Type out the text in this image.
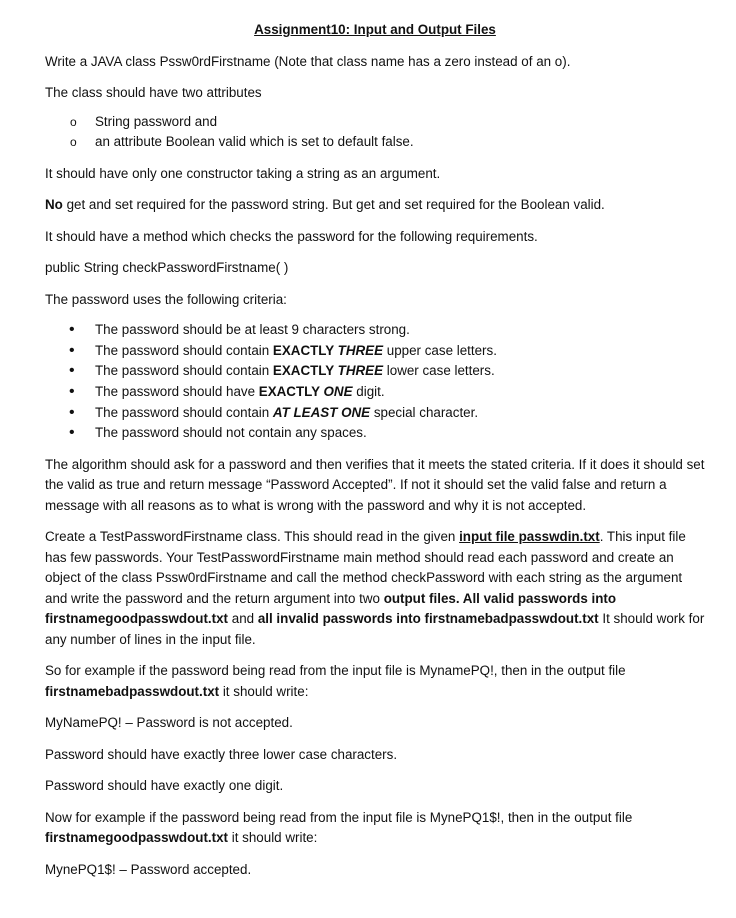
Assignment10: Input and Output Files

Write a JAVA class Pssw0rdFirstname (Note that class name has a zero instead of an o).

The class should have two attributes

o String password and
o an attribute Boolean valid which is set to default false.

It should have only one constructor taking a string as an argument.

No get and set required for the password string. But get and set required for the Boolean valid.

It should have a method which checks the password for the following requirements.

public String checkPasswordFirstname( )

The password uses the following criteria:

• The password should be at least 9 characters strong.
• The password should contain EXACTLY THREE upper case letters.
• The password should contain EXACTLY THREE lower case letters.
• The password should have EXACTLY ONE digit.
• The password should contain AT LEAST ONE special character.
• The password should not contain any spaces.

The algorithm should ask for a password and then verifies that it meets the stated criteria. If it does it should set the valid as true and return message “Password Accepted”. If not it should set the valid false and return a message with all reasons as to what is wrong with the password and why it is not accepted.

Create a TestPasswordFirstname class. This should read in the given input file passwdin.txt. This input file has few passwords. Your TestPasswordFirstname main method should read each password and create an object of the class Pssw0rdFirstname and call the method checkPassword with each string as the argument and write the password and the return argument into two output files. All valid passwords into firstnamegoodpasswdout.txt and all invalid passwords into firstnamebadpasswdout.txt It should work for any number of lines in the input file.

So for example if the password being read from the input file is MynamePQ!, then in the output file firstnamebadpasswdout.txt it should write:

MyNamePQ! – Password is not accepted.

Password should have exactly three lower case characters.

Password should have exactly one digit.

Now for example if the password being read from the input file is MynePQ1$!, then in the output file firstnamegoodpasswdout.txt it should write:

MynePQ1$! – Password accepted.
